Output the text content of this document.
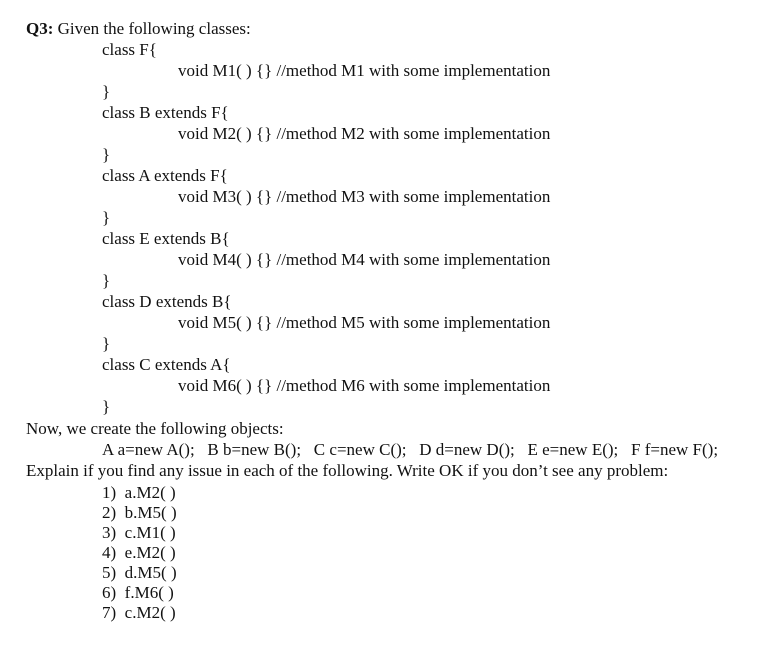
Q3: Given the following classes:
class F{
void M1( ) {} //method M1 with some implementation
}
class B extends F{
void M2( ) {} //method M2 with some implementation
}
class A extends F{
void M3( ) {} //method M3 with some implementation
}
class E extends B{
void M4( ) {} //method M4 with some implementation
}
class D extends B{
void M5( ) {} //method M5 with some implementation
}
class C extends A{
void M6( ) {} //method M6 with some implementation
}
Now, we create the following objects:
A a=new A();   B b=new B();   C c=new C();   D d=new D();   E e=new E();   F f=new F();
Explain if you find any issue in each of the following. Write OK if you don’t see any problem:
1) a.M2( )
2) b.M5( )
3) c.M1( )
4) e.M2( )
5) d.M5( )
6) f.M6( )
7) c.M2( )
